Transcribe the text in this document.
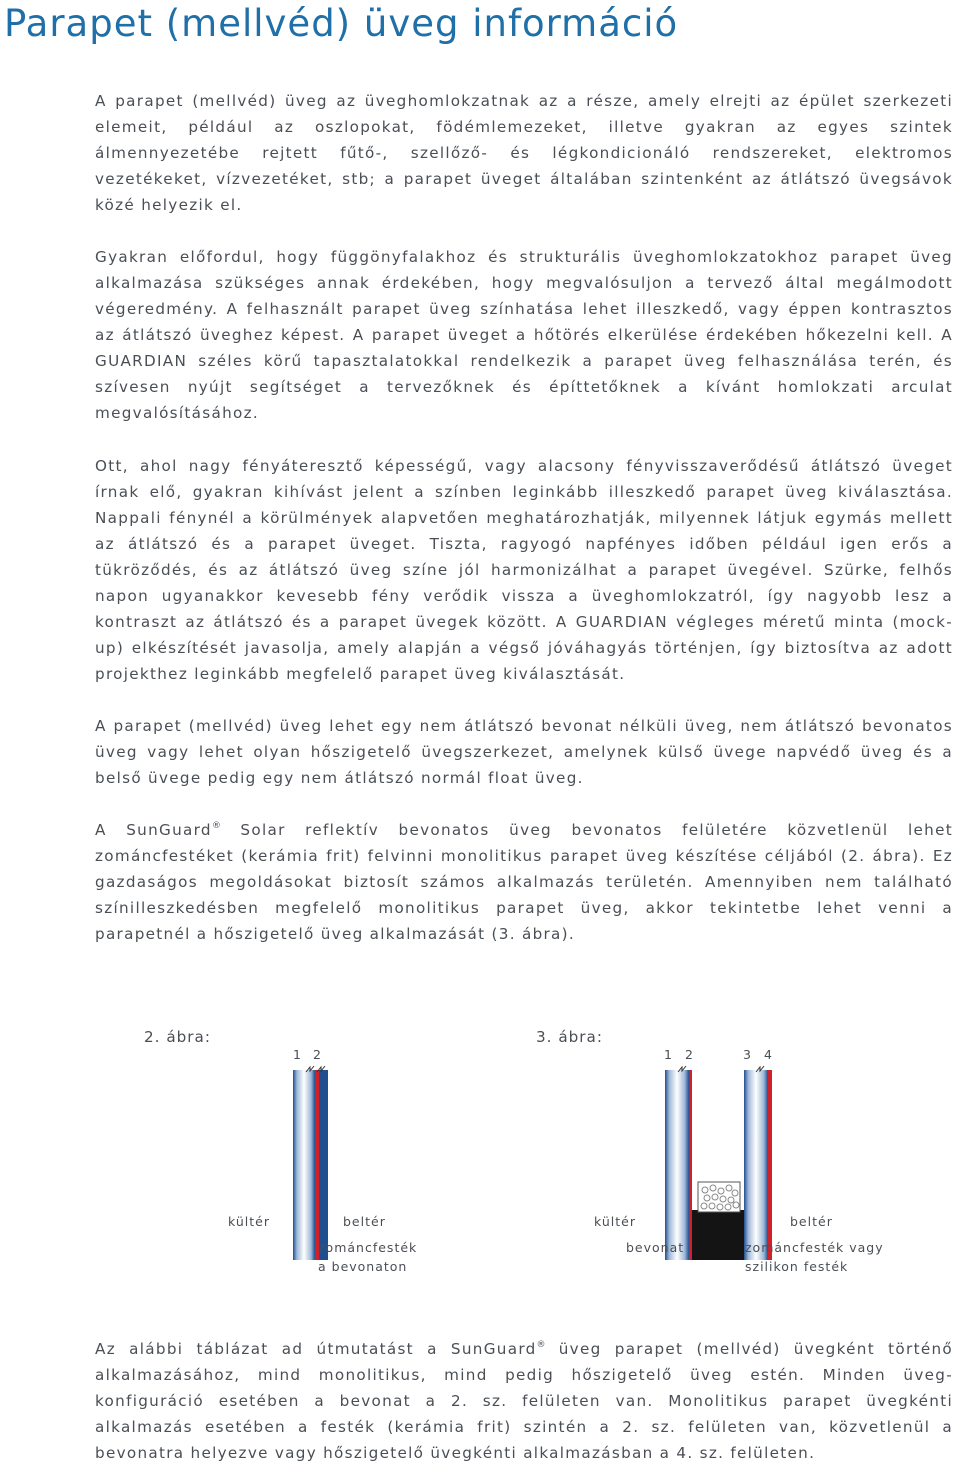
Parapet (mellvéd) üveg információ

A parapet (mellvéd) üveg az üveghomlokzatnak az a része, amely elrejti az épület szerkezeti elemeit, például az oszlopokat, födémlemezeket, illetve gyakran az egyes szintek álmennyezetébe rejtett fűtő-, szellőző- és légkondicionáló rendszereket, elektromos vezetékeket, vízvezetéket, stb; a parapet üveget általában szintenként az átlátszó üvegsávok közé helyezik el.

Gyakran előfordul, hogy függönyfalakhoz és strukturális üveghomlokzatokhoz parapet üveg alkalmazása szükséges annak érdekében, hogy megvalósuljon a tervező által megálmodott végeredmény. A felhasznált parapet üveg színhatása lehet illeszkedő, vagy éppen kontrasztos az átlátszó üveghez képest. A parapet üveget a hőtörés elkerülése érdekében hőkezelni kell. A GUARDIAN széles körű tapasztalatokkal rendelkezik a parapet üveg felhasználása terén, és szívesen nyújt segítséget a tervezőknek és építtetőknek a kívánt homlokzati arculat megvalósításához.

Ott, ahol nagy fényáteresztő képességű, vagy alacsony fényvisszaverődésű átlátszó üveget írnak elő, gyakran kihívást jelent a színben leginkább illeszkedő parapet üveg kiválasztása. Nappali fénynél a körülmények alapvetően meghatározhatják, milyennek látjuk egymás mellett az átlátszó és a parapet üveget. Tiszta, ragyogó napfényes időben például igen erős a tükröződés, és az átlátszó üveg színe jól harmonizálhat a parapet üvegével. Szürke, felhős napon ugyanakkor kevesebb fény verődik vissza a üveghomlokzatról, így nagyobb lesz a kontraszt az átlátszó és a parapet üvegek között. A GUARDIAN végleges méretű minta (mock-up) elkészítését javasolja, amely alapján a végső jóváhagyás történjen, így biztosítva az adott projekthez leginkább megfelelő parapet üveg kiválasztását.

A parapet (mellvéd) üveg lehet egy nem átlátszó bevonat nélküli üveg, nem átlátszó bevonatos üveg vagy lehet olyan hőszigetelő üvegszerkezet, amelynek külső üvege napvédő üveg és a belső üvege pedig egy nem átlátszó normál float üveg.

A SunGuard® Solar reflektív bevonatos üveg bevonatos felületére közvetlenül lehet zománcfestéket (kerámia frit) felvinni monolitikus parapet üveg készítése céljából (2. ábra). Ez gazdaságos megoldásokat biztosít számos alkalmazás területén. Amennyiben nem található színilleszkedésben megfelelő monolitikus parapet üveg, akkor tekintetbe lehet venni a parapetnél a hőszigetelő üveg alkalmazását (3. ábra).

2. ábra:
1 2
kültér	beltér
zománcfesték
a bevonaton
3. ábra:
1 2	3 4
kültér	beltér
bevonat	zománcfesték vagy
szilikon festék

Az alábbi táblázat ad útmutatást a SunGuard® üveg parapet (mellvéd) üvegként történő alkalmazásához, mind monolitikus, mind pedig hőszigetelő üveg estén. Minden üveg-konfiguráció esetében a bevonat a 2. sz. felületen van. Monolitikus parapet üvegkénti alkalmazás esetében a festék (kerámia frit) szintén a 2. sz. felületen van, közvetlenül a bevonatra helyezve vagy hőszigetelő üvegkénti alkalmazásban a 4. sz. felületen.
